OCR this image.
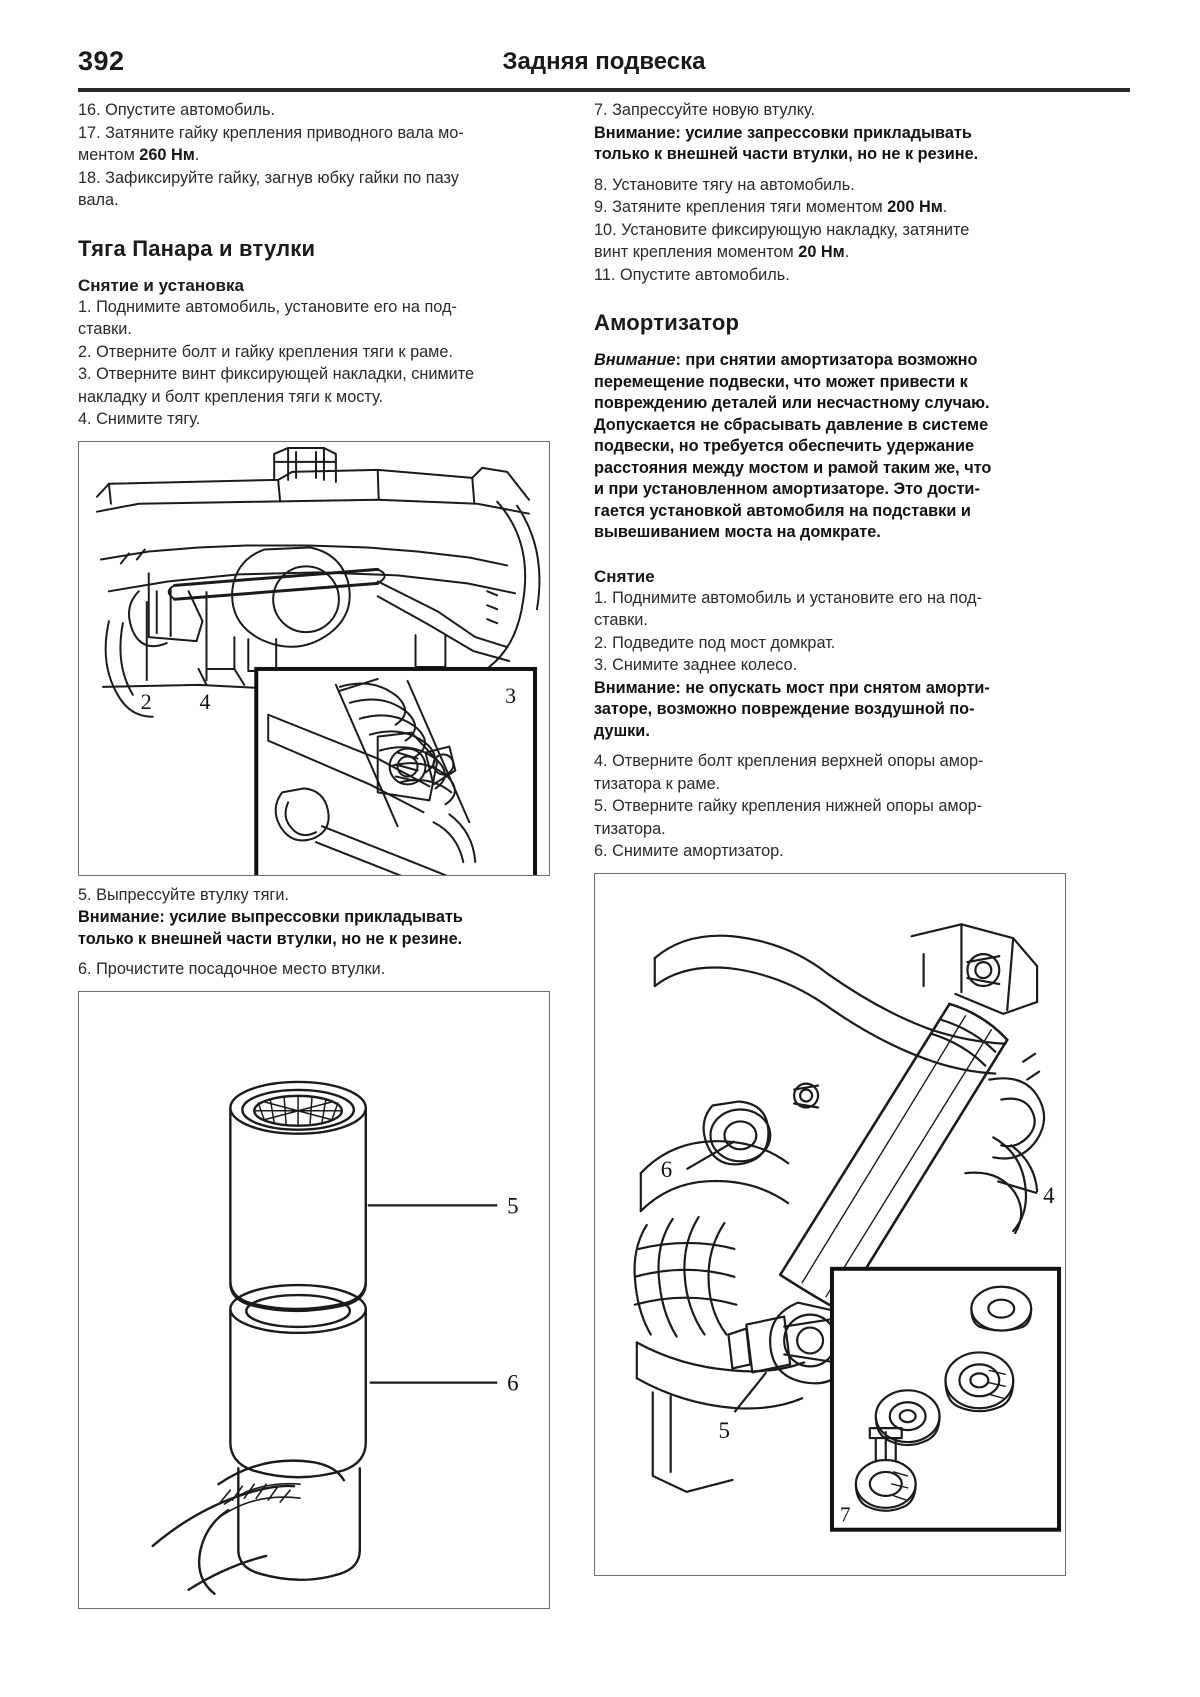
392	Задняя подвеска

16. Опустите автомобиль.

17. Затяните гайку крепления приводного вала мо-

ментом 260 Нм.

18. Зафиксируйте гайку, загнув юбку гайки по пазу

вала.

Тяга Панара и втулки
Снятие и установка

1. Поднимите автомобиль, установите его на под-

ставки.

2. Отверните болт и гайку крепления тяги к раме.

3. Отверните винт фиксирующей накладки, снимите

накладку и болт крепления тяги к мосту.

4. Снимите тягу.

2 4	3

5. Выпрессуйте втулку тяги.

Внимание: усилие выпрессовки прикладывать

только к внешней части втулки, но не к резине.

6. Прочистите посадочное место втулки.

5
6

7. Запрессуйте новую втулку.

Внимание: усилие запрессовки прикладывать

только к внешней части втулки, но не к резине.

8. Установите тягу на автомобиль.

9. Затяните крепления тяги моментом 200 Нм.

10. Установите фиксирующую накладку, затяните

винт крепления моментом 20 Нм.

11. Опустите автомобиль.

Амортизатор

Внимание: при снятии амортизатора возможно

перемещение подвески, что может привести к

повреждению деталей или несчастному случаю.

Допускается не сбрасывать давление в системе

подвески, но требуется обеспечить удержание

расстояния между мостом и рамой таким же, что

и при установленном амортизаторе. Это дости-

гается установкой автомобиля на подставки и

вывешиванием моста на домкрате.

Снятие

1. Поднимите автомобиль и установите его на под-

ставки.

2. Подведите под мост домкрат.

3. Снимите заднее колесо.

Внимание: не опускать мост при снятом аморти-

заторе, возможно повреждение воздушной по-

душки.

4. Отверните болт крепления верхней опоры амор-

тизатора к раме.

5. Отверните гайку крепления нижней опоры амор-

тизатора.

6. Снимите амортизатор.

6
4
5
7
